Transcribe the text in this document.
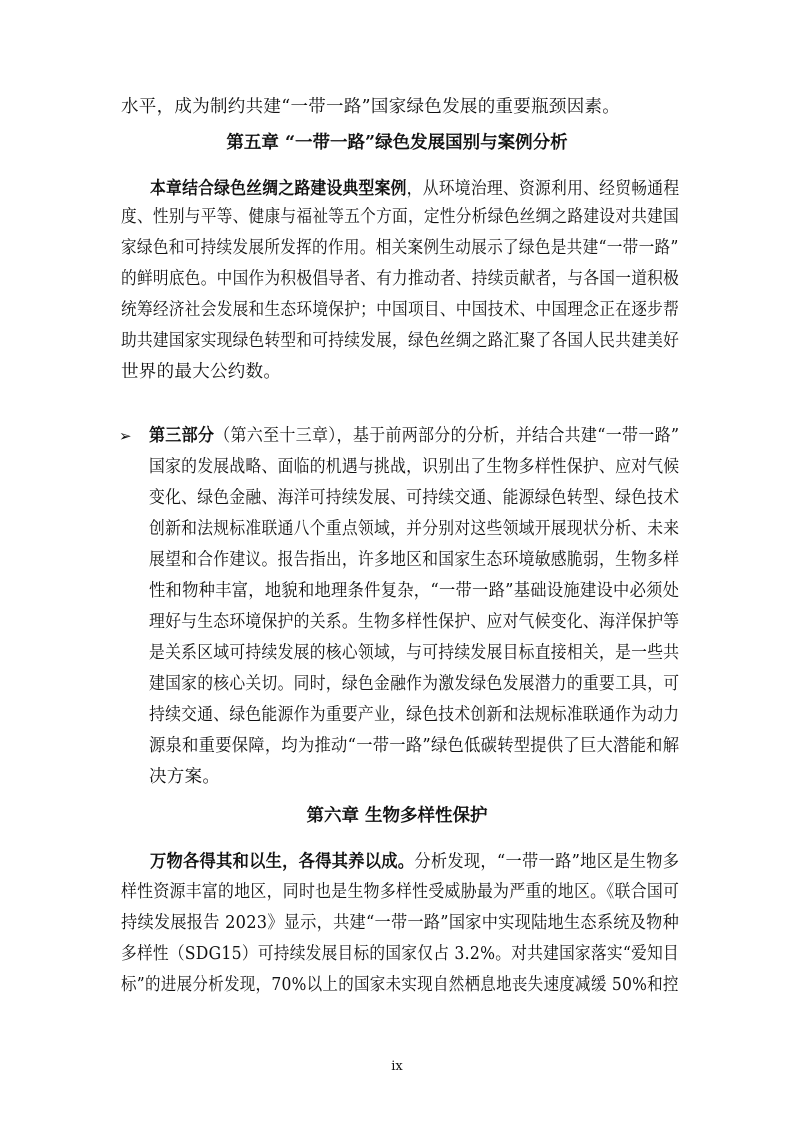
水平，成为制约共建“一带一路”国家绿色发展的重要瓶颈因素。
第五章 “一带一路”绿色发展国别与案例分析
本章结合绿色丝绸之路建设典型案例，从环境治理、资源利用、经贸畅通程
度、性别与平等、健康与福祉等五个方面，定性分析绿色丝绸之路建设对共建国
家绿色和可持续发展所发挥的作用。相关案例生动展示了绿色是共建“一带一路”
的鲜明底色。中国作为积极倡导者、有力推动者、持续贡献者，与各国一道积极
统筹经济社会发展和生态环境保护；中国项目、中国技术、中国理念正在逐步帮
助共建国家实现绿色转型和可持续发展，绿色丝绸之路汇聚了各国人民共建美好
世界的最大公约数。
➢ 第三部分（第六至十三章），基于前两部分的分析，并结合共建“一带一路”
国家的发展战略、面临的机遇与挑战，识别出了生物多样性保护、应对气候
变化、绿色金融、海洋可持续发展、可持续交通、能源绿色转型、绿色技术
创新和法规标准联通八个重点领域，并分别对这些领域开展现状分析、未来
展望和合作建议。报告指出，许多地区和国家生态环境敏感脆弱，生物多样
性和物种丰富，地貌和地理条件复杂，“一带一路”基础设施建设中必须处
理好与生态环境保护的关系。生物多样性保护、应对气候变化、海洋保护等
是关系区域可持续发展的核心领域，与可持续发展目标直接相关，是一些共
建国家的核心关切。同时，绿色金融作为激发绿色发展潜力的重要工具，可
持续交通、绿色能源作为重要产业，绿色技术创新和法规标准联通作为动力
源泉和重要保障，均为推动“一带一路”绿色低碳转型提供了巨大潜能和解
决方案。
第六章 生物多样性保护
万物各得其和以生，各得其养以成。分析发现，“一带一路”地区是生物多
样性资源丰富的地区，同时也是生物多样性受威胁最为严重的地区。《联合国可
持续发展报告 2023》显示，共建“一带一路”国家中实现陆地生态系统及物种
多样性（SDG15）可持续发展目标的国家仅占 3.2%。对共建国家落实“爱知目
标”的进展分析发现，70%以上的国家未实现自然栖息地丧失速度减缓 50%和控
ix
